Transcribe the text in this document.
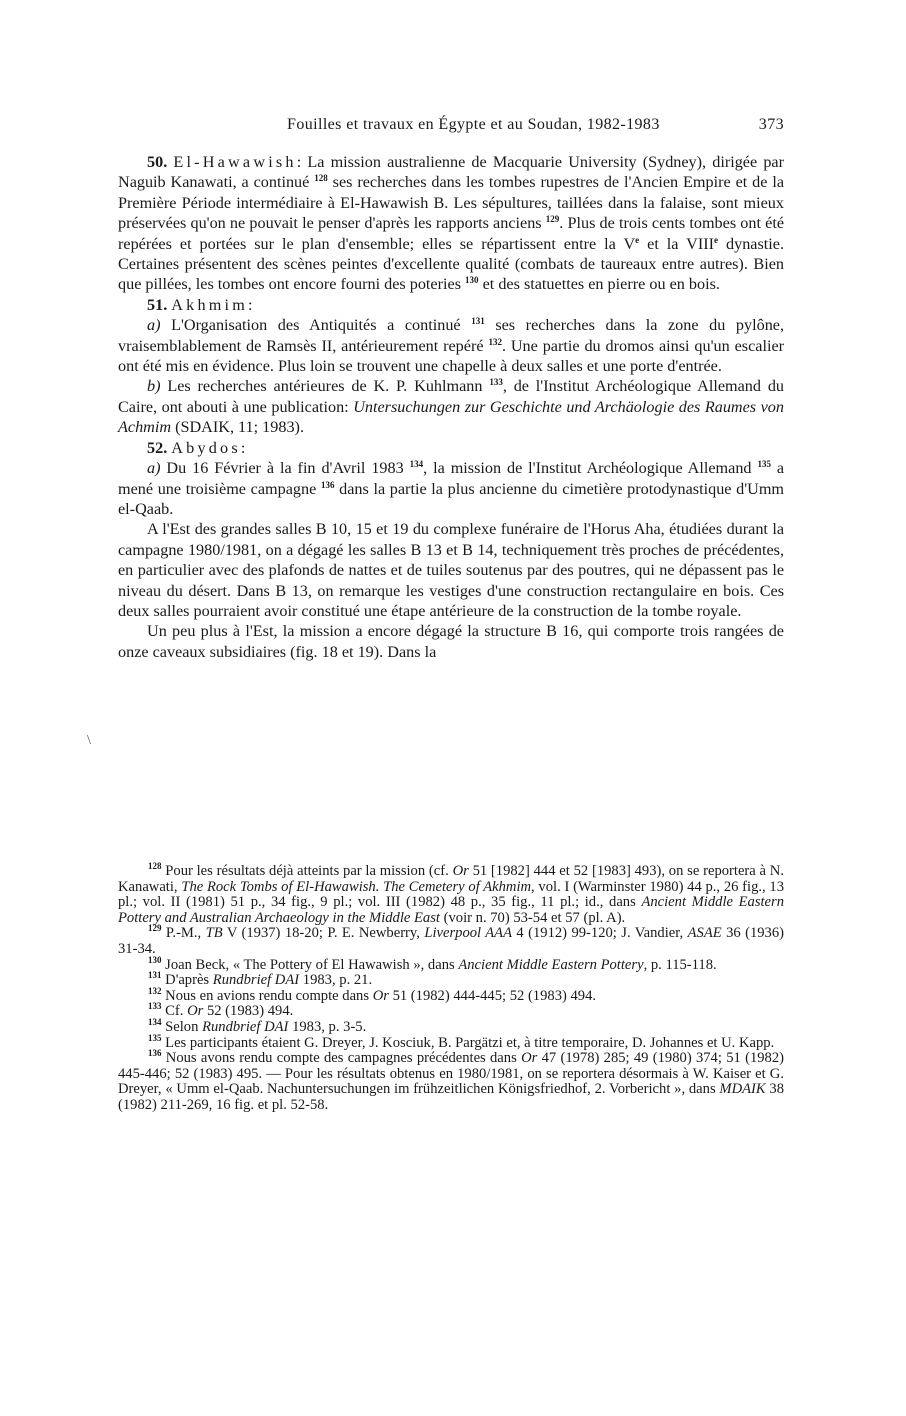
Fouilles et travaux en Égypte et au Soudan, 1982-1983	373

50. El-Hawawish: La mission australienne de Macquarie University (Sydney), dirigée par Naguib Kanawati, a continué $^{128}$ ses recherches dans les tombes rupestres de l'Ancien Empire et de la Première Période intermédiaire à El-Hawawish B. Les sépultures, taillées dans la falaise, sont mieux préservées qu'on ne pouvait le penser d'après les rapports anciens $^{129}$. Plus de trois cents tombes ont été repérées et portées sur le plan d'ensemble; elles se répartissent entre la Ve et la VIIIe dynastie. Certaines présentent des scènes peintes d'excellente qualité (combats de taureaux entre autres). Bien que pillées, les tombes ont encore fourni des poteries $^{130}$ et des statuettes en pierre ou en bois.

51. Akhmim:

a) L'Organisation des Antiquités a continué $^{131}$ ses recherches dans la zone du pylône, vraisemblablement de Ramsès II, antérieurement repéré $^{132}$. Une partie du dromos ainsi qu'un escalier ont été mis en évidence. Plus loin se trouvent une chapelle à deux salles et une porte d'entrée.

b) Les recherches antérieures de K. P. Kuhlmann $^{133}$, de l'Institut Archéologique Allemand du Caire, ont abouti à une publication: Untersuchungen zur Geschichte und Archäologie des Raumes von Achmim (SDAIK, 11; 1983).

52. Abydos:

a) Du 16 Février à la fin d'Avril 1983 $^{134}$, la mission de l'Institut Archéologique Allemand $^{135}$ a mené une troisième campagne $^{136}$ dans la partie la plus ancienne du cimetière protodynastique d'Umm el-Qaab.

A l'Est des grandes salles B 10, 15 et 19 du complexe funéraire de l'Horus Aha, étudiées durant la campagne 1980/1981, on a dégagé les salles B 13 et B 14, techniquement très proches de précédentes, en particulier avec des plafonds de nattes et de tuiles soutenus par des poutres, qui ne dépassent pas le niveau du désert. Dans B 13, on remarque les vestiges d'une construction rectangulaire en bois. Ces deux salles pourraient avoir constitué une étape antérieure de la construction de la tombe royale.

Un peu plus à l'Est, la mission a encore dégagé la structure B 16, qui comporte trois rangées de onze caveaux subsidiaires (fig. 18 et 19). Dans la

\

$^{128}$ Pour les résultats déjà atteints par la mission (cf. Or 51 [1982] 444 et 52 [1983] 493), on se reportera à N. Kanawati, The Rock Tombs of El-Hawawish. The Cemetery of Akhmim, vol. I (Warminster 1980) 44 p., 26 fig., 13 pl.; vol. II (1981) 51 p., 34 fig., 9 pl.; vol. III (1982) 48 p., 35 fig., 11 pl.; id., dans Ancient Middle Eastern Pottery and Australian Archaeology in the Middle East (voir n. 70) 53-54 et 57 (pl. A).

$^{129}$ P.-M., TB V (1937) 18-20; P. E. Newberry, Liverpool AAA 4 (1912) 99-120; J. Vandier, ASAE 36 (1936) 31-34.

$^{130}$ Joan Beck, « The Pottery of El Hawawish », dans Ancient Middle Eastern Pottery, p. 115-118.

$^{131}$ D'après Rundbrief DAI 1983, p. 21.

$^{132}$ Nous en avions rendu compte dans Or 51 (1982) 444-445; 52 (1983) 494.

$^{133}$ Cf. Or 52 (1983) 494.

$^{134}$ Selon Rundbrief DAI 1983, p. 3-5.

$^{135}$ Les participants étaient G. Dreyer, J. Kosciuk, B. Pargätzi et, à titre temporaire, D. Johannes et U. Kapp.

$^{136}$ Nous avons rendu compte des campagnes précédentes dans Or 47 (1978) 285; 49 (1980) 374; 51 (1982) 445-446; 52 (1983) 495. — Pour les résultats obtenus en 1980/1981, on se reportera désormais à W. Kaiser et G. Dreyer, « Umm el-Qaab. Nachuntersuchungen im frühzeitlichen Königsfriedhof, 2. Vorbericht », dans MDAIK 38 (1982) 211-269, 16 fig. et pl. 52-58.
